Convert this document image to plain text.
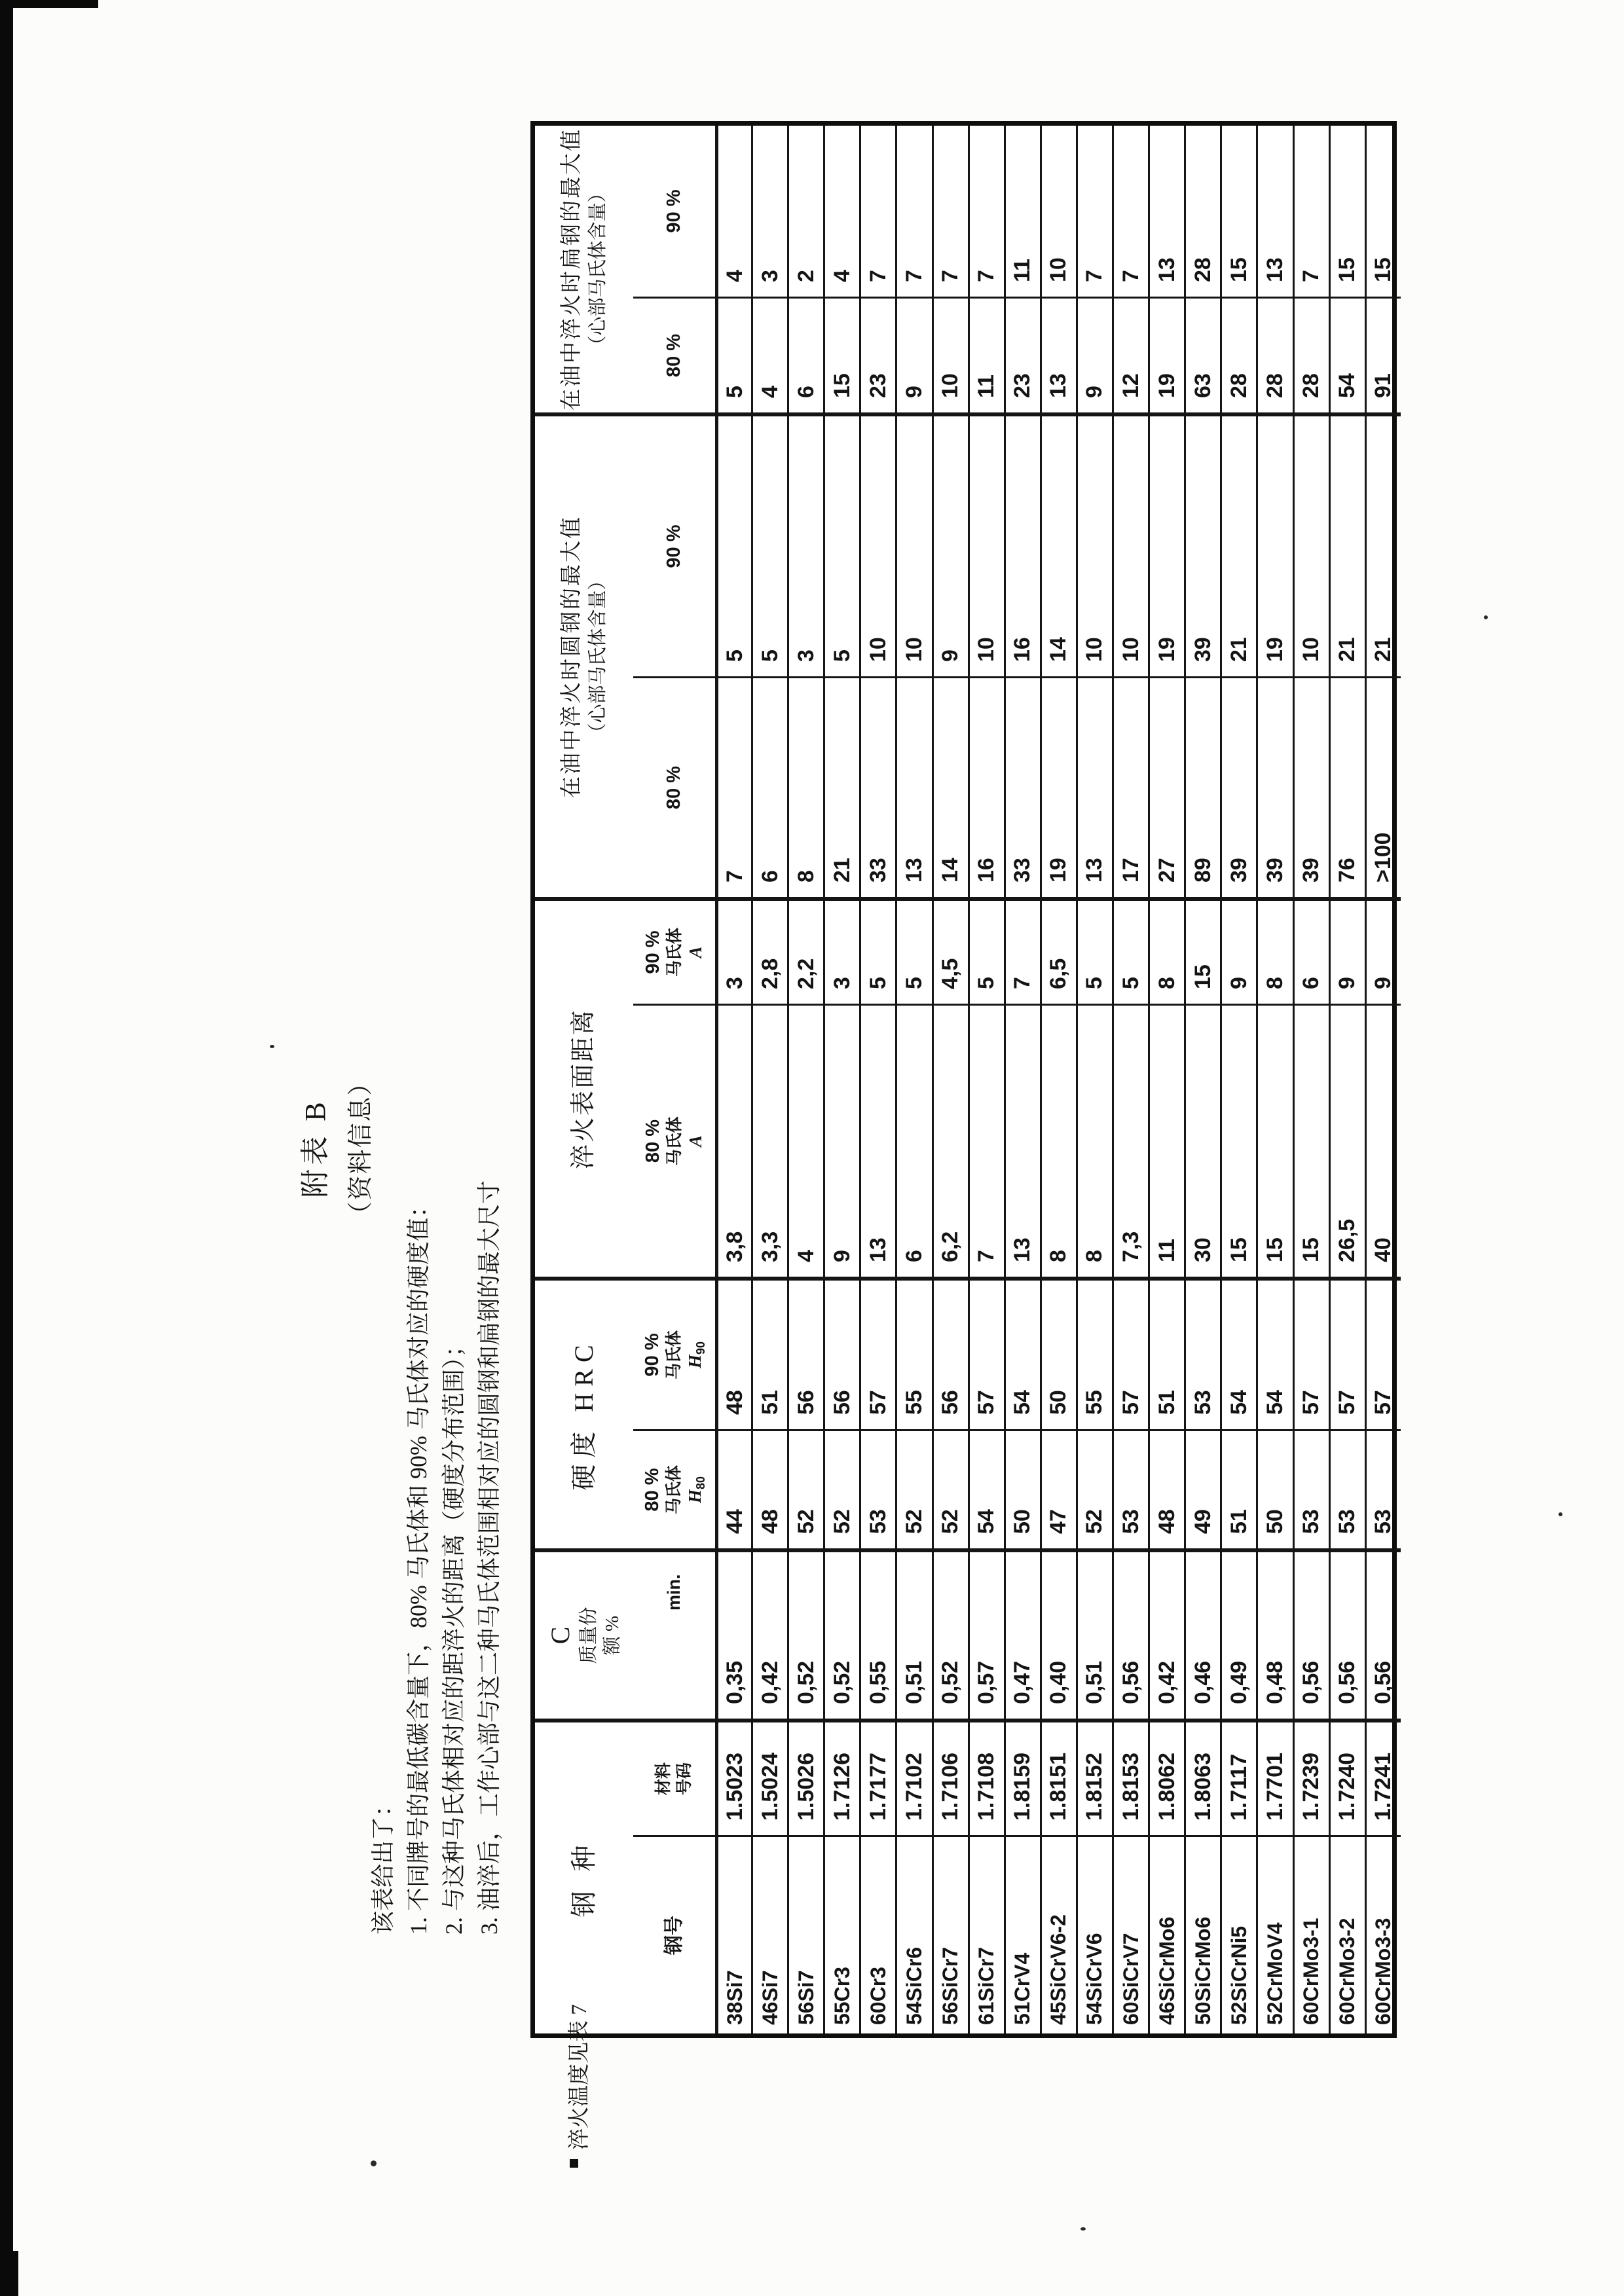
附表 B （资料信息）
该表给出了： 1. 不同牌号的最低碳含量下，80% 马氏体和 90% 马氏体对应的硬度值： 2. 与这种马氏体相对应的距淬火的距离（硬度分布范围）； 3. 油淬后，工作心部与这二种马氏体范围相对应的圆钢和扁钢的最大尺寸	钢 种
C 质量份 额 %
硬度 HRC
淬火表面距离
在油中淬火时圆钢的最大值 （心部马氏体含量）
在油中淬火时扁钢的最大值 （心部马氏体含量）
钢号
材料 号码
min.
80 % 马氏体 $H_{80}$
90 % 马氏体 $H_{90}$
80 % 马氏体 A
90 % 马氏体 A
80 %
90 %
80 %
90 %
38Si7
1.5023
0,35
44
48
3,8
3
7
5
5
4
46Si7
1.5024
0,42
48
51
3,3
2,8
6
5
4
3
56Si7
1.5026
0,52
52
56
4
2,2
8
3
6
2
55Cr3
1.7126
0,52
52
56
9
3
21
5
15
4
60Cr3
1.7177
0,55
53
57
13
5
33
10
23
7
54SiCr6
1.7102
0,51
52
55
6
5
13
10
9
7
56SiCr7
1.7106
0,52
52
56
6,2
4,5
14
9
10
7
61SiCr7
1.7108
0,57
54
57
7
5
16
10
11
7
51CrV4
1.8159
0,47
50
54
13
7
33
16
23
11
45SiCrV6-2
1.8151
0,40
47
50
8
6,5
19
14
13
10
54SiCrV6
1.8152
0,51
52
55
8
5
13
10
9
7
60SiCrV7
1.8153
0,56
53
57
7,3
5
17
10
12
7
46SiCrMo6
1.8062
0,42
48
51
11
8
27
19
19
13
50SiCrMo6
1.8063
0,46
49
53
30
15
89
39
63
28
52SiCrNi5
1.7117
0,49
51
54
15
9
39
21
28
15
52CrMoV4
1.7701
0,48
50
54
15
8
39
19
28
13
60CrMo3-1
1.7239
0,56
53
57
15
6
39
10
28
7
60CrMo3-2
1.7240
0,56
53
57
26,5
9
76
21
54
15
60CrMo3-3
1.7241
0,56
53
57
40
9
>100
21
91
15
淬火温度见表 7
